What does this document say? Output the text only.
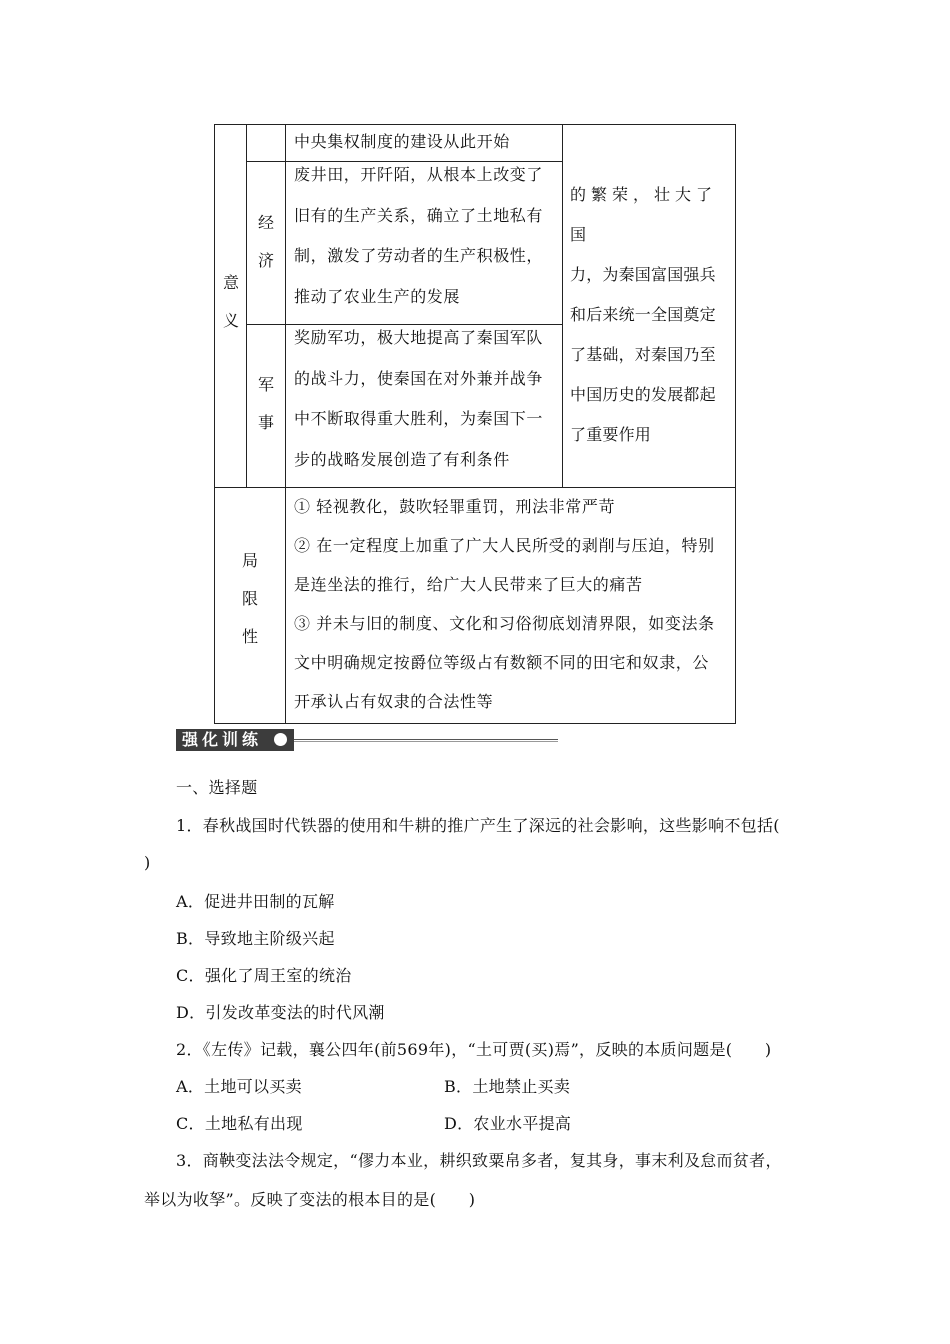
意
义
中央集权制度的建设从此开始
经
济
废井田，开阡陌，从根本上改变了
旧有的生产关系，确立了土地私有
制，激发了劳动者的生产积极性，
推动了农业生产的发展
军
事
奖励军功，极大地提高了秦国军队
的战斗力，使秦国在对外兼并战争
中不断取得重大胜利，为秦国下一
步的战略发展创造了有利条件
的繁荣，壮大了国
力，为秦国富国强兵
和后来统一全国奠定
了基础，对秦国乃至
中国历史的发展都起
了重要作用
局
限
性
① 轻视教化，鼓吹轻罪重罚，刑法非常严苛
② 在一定程度上加重了广大人民所受的剥削与压迫，特别
是连坐法的推行，给广大人民带来了巨大的痛苦
③ 并未与旧的制度、文化和习俗彻底划清界限，如变法条
文中明确规定按爵位等级占有数额不同的田宅和奴隶，公
开承认占有奴隶的合法性等
强化训练
一、选择题
1．春秋战国时代铁器的使用和牛耕的推广产生了深远的社会影响，这些影响不包括(
)
A．促进井田制的瓦解
B．导致地主阶级兴起
C．强化了周王室的统治
D．引发改革变法的时代风潮
2．《左传》记载，襄公四年(前569年)，“土可贾(买)焉”，反映的本质问题是(　　)
A．土地可以买卖	B．土地禁止买卖
C．土地私有出现	D．农业水平提高
3．商鞅变法法令规定，“僇力本业，耕织致粟帛多者，复其身，事末利及怠而贫者，
举以为收孥”。反映了变法的根本目的是(　　)
